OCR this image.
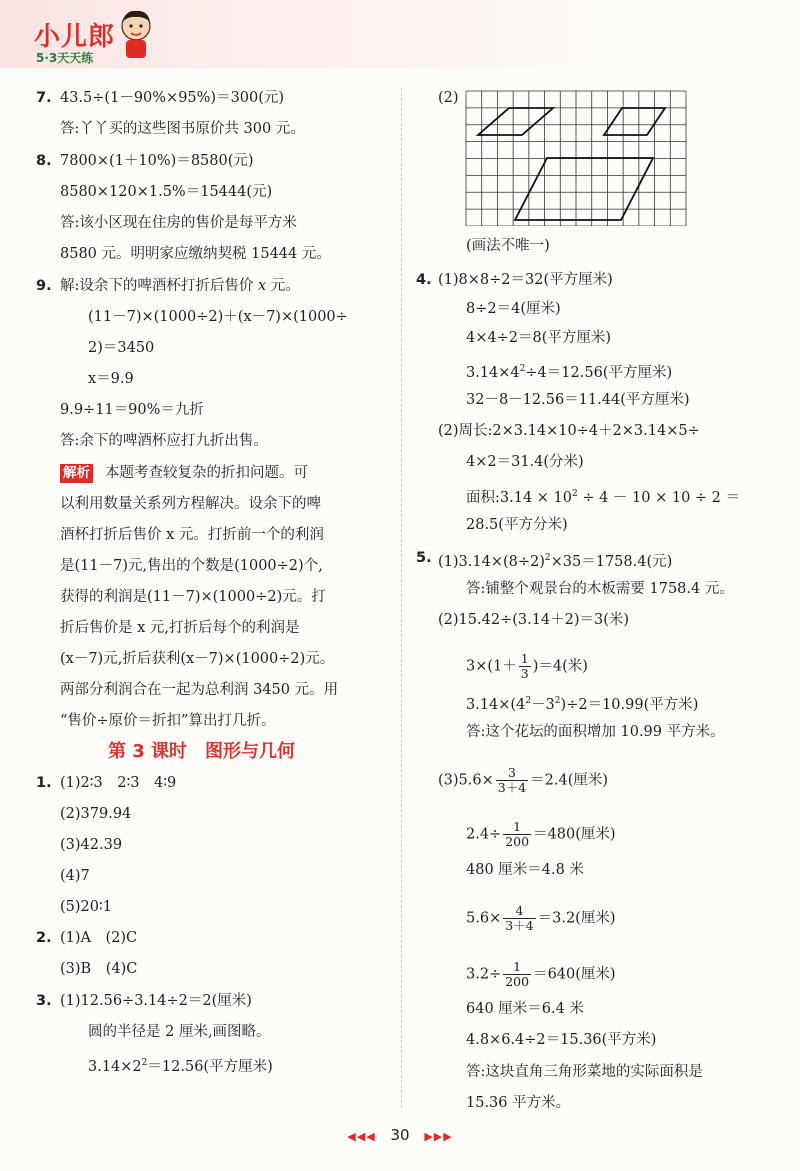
小儿郎
5·3天天练
7. 43.5÷(1－90%×95%)＝300(元)
答:丫丫买的这些图书原价共 300 元。
8. 7800×(1＋10%)＝8580(元)
8580×120×1.5%＝15444(元)
答:该小区现在住房的售价是每平方米
8580 元。明明家应缴纳契税 15444 元。
9. 解:设余下的啤酒杯打折后售价 x 元。
(11－7)×(1000÷2)＋(x－7)×(1000÷
2)＝3450
x＝9.9
9.9÷11＝90%＝九折
答:余下的啤酒杯应打九折出售。
解析 本题考查较复杂的折扣问题。可
以利用数量关系列方程解决。设余下的啤
酒杯打折后售价 x 元。打折前一个的利润
是(11－7)元,售出的个数是(1000÷2)个,
获得的利润是(11－7)×(1000÷2)元。打
折后售价是 x 元,打折后每个的利润是
(x－7)元,折后获利(x－7)×(1000÷2)元。
两部分利润合在一起为总利润 3450 元。用
“售价÷原价＝折扣”算出打几折。
第 3 课时　图形与几何
1. (1)2∶3　2∶3　4∶9
(2)379.94
(3)42.39
(4)7
(5)20∶1
2. (1)A　(2)C
(3)B　(4)C
3. (1)12.56÷3.14÷2＝2(厘米)
圆的半径是 2 厘米,画图略。
$3.14\times 2^2=12.56$(平方厘米)
(2)
(画法不唯一)
4. (1)8×8÷2＝32(平方厘米)
8÷2＝4(厘米)
4×4÷2＝8(平方厘米)
$3.14\times 4^2\div 4=12.56$(平方厘米)
32－8－12.56＝11.44(平方厘米)
(2)周长:2×3.14×10÷4＋2×3.14×5÷
4×2＝31.4(分米)
面积:3.14 × $10^2 \div 4 - 10 \times 10 \div 2$ ＝
28.5(平方分米)
5. $(1)3.14\times(8\div 2)^2\times 35=1758.4$(元)
答:铺整个观景台的木板需要 1758.4 元。
(2)15.42÷(3.14＋2)＝3(米)
$3\times(1+ \frac{1}{3} )=4$(米)
$3.14\times(4^2-3^2)\div 2=10.99$(平方米)
答:这个花坛的面积增加 10.99 平方米。
$(3)5.6\times \frac{3}{3+4} =2.4$(厘米)
$2.4\div \frac{1}{200} =480$(厘米)
480 厘米＝4.8 米
$5.6\times \frac{4}{3+4} =3.2$(厘米)
$3.2\div \frac{1}{200} =640$(厘米)
640 厘米＝6.4 米
4.8×6.4÷2＝15.36(平方米)
答:这块直角三角形菜地的实际面积是
15.36 平方米。
◀◀◀ 30 ▶▶▶
